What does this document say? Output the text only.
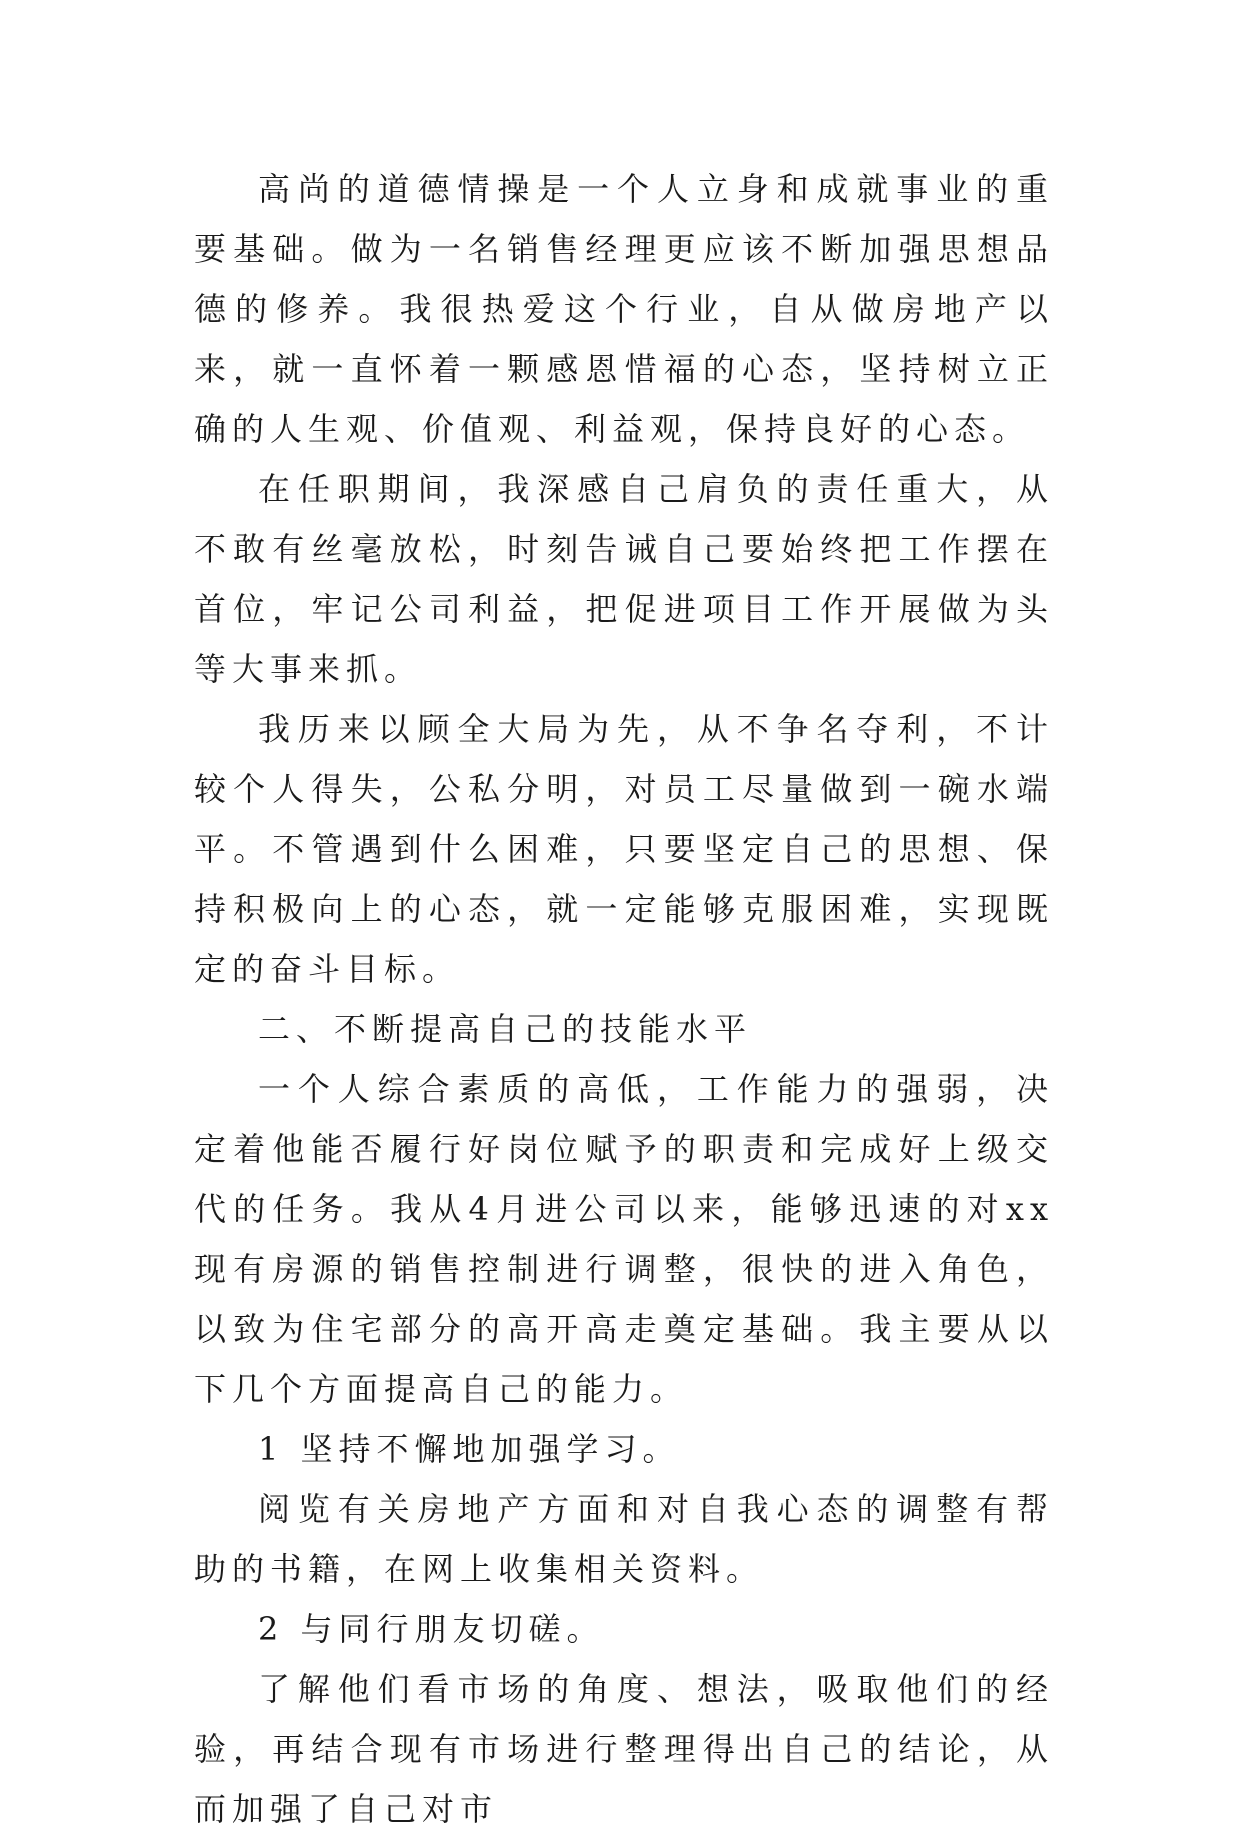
高尚的道德情操是一个人立身和成就事业的重要基础。做为一名销售经理更应该不断加强思想品德的修养。我很热爱这个行业，自从做房地产以来，就一直怀着一颗感恩惜福的心态，坚持树立正确的人生观、价值观、利益观，保持良好的心态。

在任职期间，我深感自己肩负的责任重大，从不敢有丝毫放松，时刻告诫自己要始终把工作摆在首位，牢记公司利益，把促进项目工作开展做为头等大事来抓。

我历来以顾全大局为先，从不争名夺利，不计较个人得失，公私分明，对员工尽量做到一碗水端平。不管遇到什么困难，只要坚定自己的思想、保持积极向上的心态，就一定能够克服困难，实现既定的奋斗目标。

二、不断提高自己的技能水平

一个人综合素质的高低，工作能力的强弱，决定着他能否履行好岗位赋予的职责和完成好上级交代的任务。我从4月进公司以来，能够迅速的对xx现有房源的销售控制进行调整，很快的进入角色，以致为住宅部分的高开高走奠定基础。我主要从以下几个方面提高自己的能力。

1 坚持不懈地加强学习。

阅览有关房地产方面和对自我心态的调整有帮助的书籍，在网上收集相关资料。

2 与同行朋友切磋。

了解他们看市场的角度、想法，吸取他们的经验，再结合现有市场进行整理得出自己的结论，从而加强了自己对市
